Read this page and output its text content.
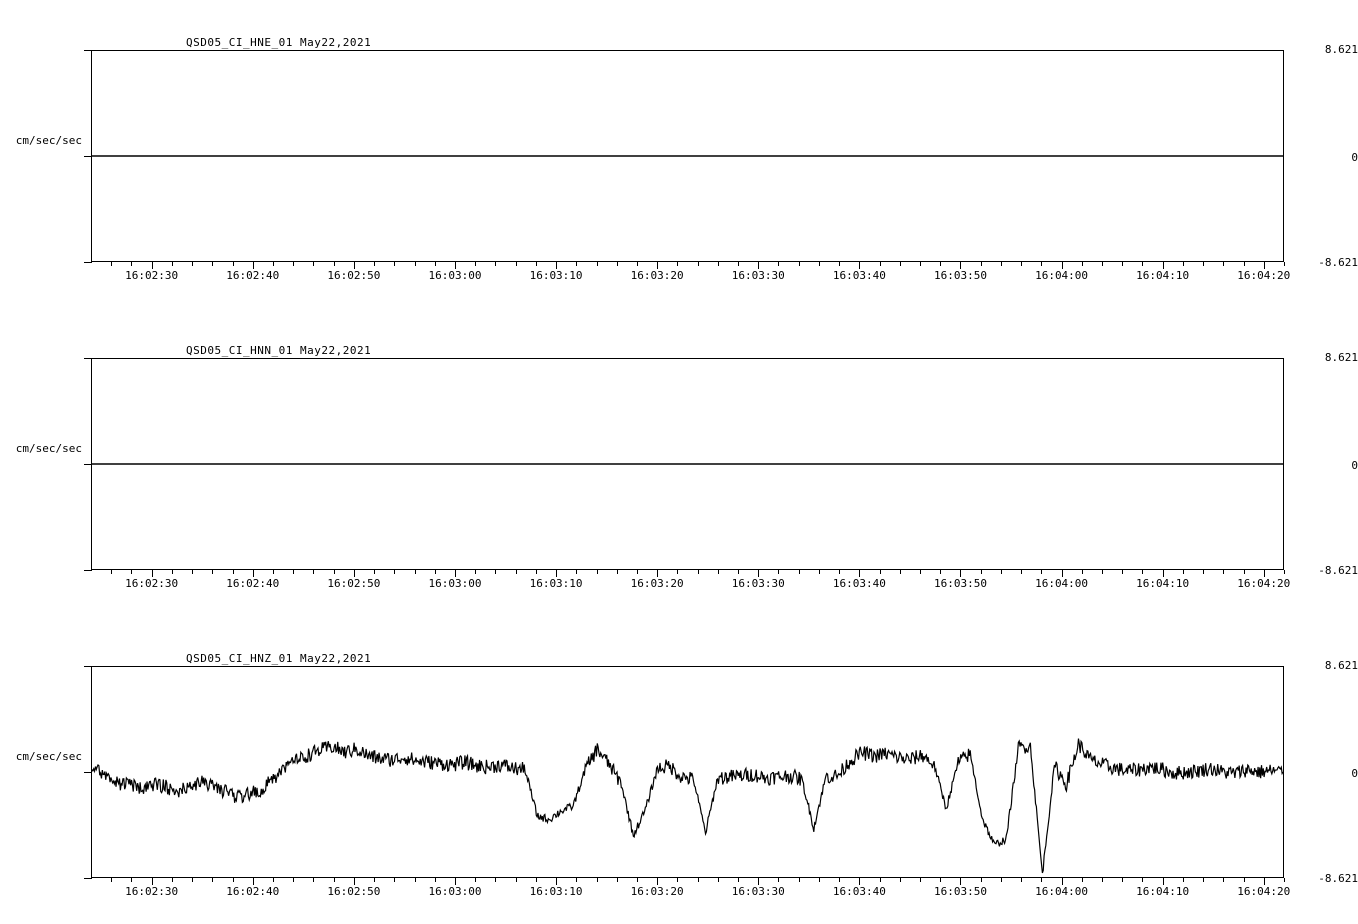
QSD05_CI_HNE_01 May22,2021
8.621
cm/sec/sec
0
-8.621
16:02:30	16:02:40	16:02:50	16:03:00	16:03:10	16:03:20	16:03:30	16:03:40	16:03:50	16:04:00	16:04:10	16:04:20
QSD05_CI_HNN_01 May22,2021
8.621
cm/sec/sec
0
-8.621
16:02:30	16:02:40	16:02:50	16:03:00	16:03:10	16:03:20	16:03:30	16:03:40	16:03:50	16:04:00	16:04:10	16:04:20
QSD05_CI_HNZ_01 May22,2021
8.621
cm/sec/sec
0
-8.621
16:02:30	16:02:40	16:02:50	16:03:00	16:03:10	16:03:20	16:03:30	16:03:40	16:03:50	16:04:00	16:04:10	16:04:20
